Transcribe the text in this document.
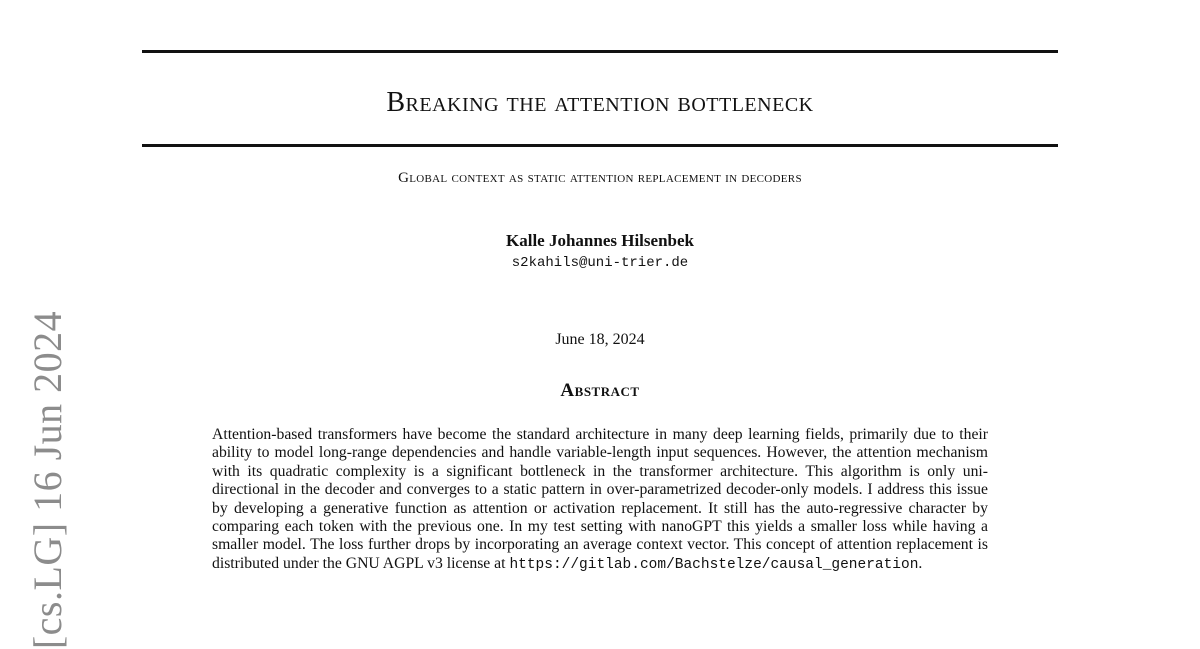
Breaking the attention bottleneck
Global context as static attention replacement in decoders
Kalle Johannes Hilsenbek
s2kahils@uni-trier.de
June 18, 2024
Abstract
Attention-based transformers have become the standard architecture in many deep learning fields, primarily due to their ability to model long-range dependencies and handle variable-length input sequences. However, the attention mechanism with its quadratic complexity is a significant bottleneck in the transformer architecture. This algorithm is only uni-directional in the decoder and converges to a static pattern in over-parametrized decoder-only models. I address this issue by developing a generative function as attention or activation replacement. It still has the auto-regressive character by comparing each token with the previous one. In my test setting with nanoGPT this yields a smaller loss while having a smaller model. The loss further drops by incorporating an average context vector. This concept of attention replacement is distributed under the GNU AGPL v3 license at https://gitlab.com/Bachstelze/causal_generation.
[cs.LG] 16 Jun 2024
